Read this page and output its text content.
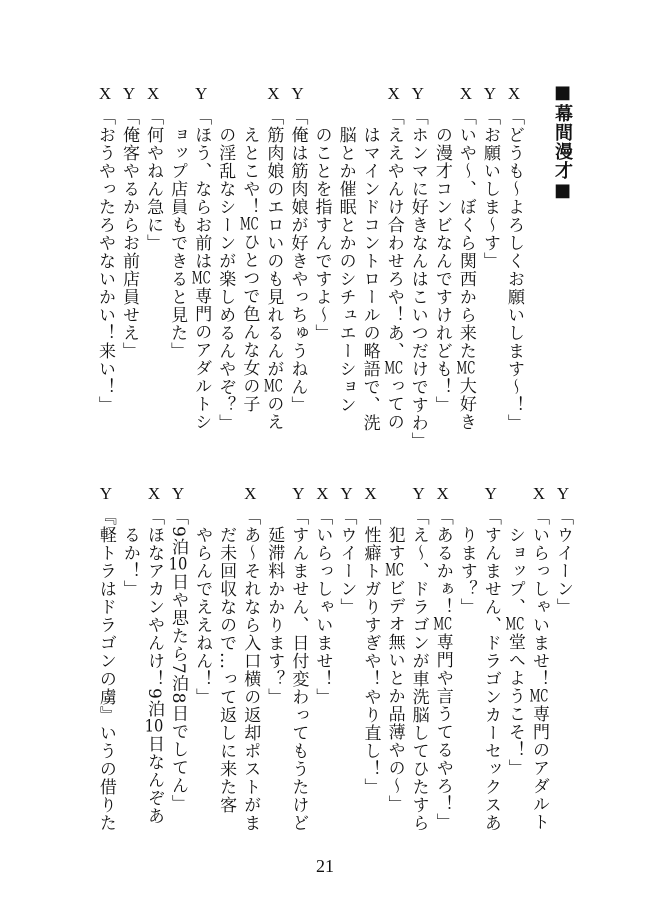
■幕間漫才■
X
「どうも〜よろしくお願いします〜！」
Y
「お願いしま〜す」
X
「いや〜、ぼくら関西から来たMC大好き
の漫才コンビなんですけれども！」
Y
「ホンマに好きなんはこいつだけですわ」
X
「ええやんけ合わせろや！あ、MCっての
はマインドコントロールの略語で、洗
脳とか催眠とかのシチュエーション
のことを指すんですよ〜」
Y
「俺は筋肉娘が好きやっちゅうねん」
X
「筋肉娘のエロいのも見れるんがMCのえ
えとこや！MCひとつで色んな女の子
の淫乱なシーンが楽しめるんやぞ？」
Y
「ほう、ならお前はMC専門のアダルトシ
ョップ店員もできると見た」
X
「何やねん急に」
Y
「俺客やるからお前店員せえ」
X
「おうやったろやないかい！来い！」
Y
「ウイーン」
X
「いらっしゃいませ！MC専門のアダルト
ショップ、MC堂へようこそ！」
Y
「すんません、ドラゴンカーセックスあ
ります？」
X
「あるかぁ！MC専門や言うてるやろ！」
Y
「え〜、ドラゴンが車洗脳してひたすら
犯すMCビデオ無いとか品薄やの〜」
X
「性癖トガりすぎや！やり直し！」
Y
「ウイーン」
X
「いらっしゃいませ！」
Y
「すんません、日付変わってもうたけど
延滞料かかります？」
X
「あ〜それなら入口横の返却ポストがま
だ未回収なので…って返しに来た客
やらんでええねん！」
Y
「9泊10日や思たら7泊8日でしてん」
X
「ほなアカンやんけ！9泊10日なんぞあ
るか！」
Y
『軽トラはドラゴンの虜』いうの借りた
21
